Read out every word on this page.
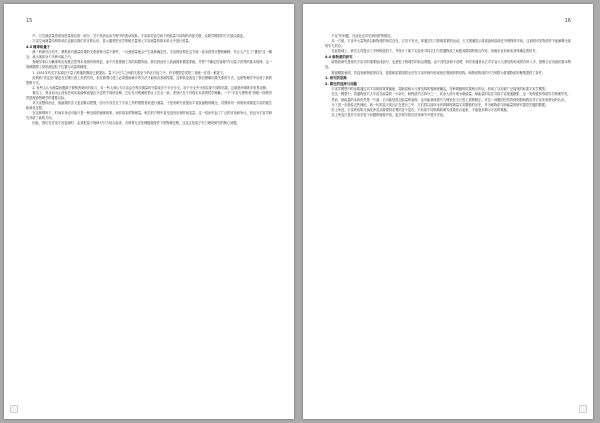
15

中，它们被质量密度场度量单位的一部分，关于热质运动方程中的波动现象。宇宙诺奖论空间下的能量与结构的内部关联，以数学模型的方式加以描述。

宇宙空间测量结构的单位也源自我们对光的认识，显示通常把光学的相关量纳入宇宙测量的基本单元中进行度量。

4.3 概率和量子

统一的研究历史中，观察者对测量结果的关系被称为量子事件，一旦被测量就会产生某种确定性。宇宙的结构在这方面一直未获得完整的解释，并让人产生了“叠加”这一概念，表示客体处于多种可能之中。

物理学家认为概率的出现是自然界本身固有的特征，而不只是观测工具的局限所致。我们因此引入波函数来描述系统，并把“不确定性原理”作为量子世界的基本规律，这一规律限制了同时测定粒子位置与动量的精度。

1. 1931年有关宇宙源自于量子涨落的假说已被提出，量子与引力之间的关系至今仍在讨论之中，许多模型尝试把二者统一在同一框架下。

经典的“决定论”描述在宏观尺度上仍然有效，但在微观尺度上必须借助统计的方法才能给出预测结果，这种转变改变了我们理解因果关系的方式，也使物理学中出现了新的思维方式。

2. 有些人认为测量问题源于观察者意识的参与，另一些人则认为宇宙会在每次测量时分裂成多个平行分支，各个分支中分别实现不同的结果，这就是所谓的多世界诠释。

事实上，到目前为止没有任何实验能够直接区分这些不同的诠释，它们在可观测的预言上完全一致，差别只在于对现实本质的哲学理解。一个“宇宙与观察者”的统一图景仍然是理论物理学的重要目标。

对宇宙整体而言，波函数的含义更加难以把握，因为不存在位于宇宙之外的观察者来进行测量。于是有研究者提出宇宙波函数的概念，试图用同一套规则来描述宇宙的诞生和演化过程。

在这种情形下，时间本身也可能只是一种近似的涌现现象，而非基本的物理量。相关的方程中甚至没有出现时间变量，这一结论引起了广泛的讨论和争议，但也为宇宙学研究开辟了新的方向。

因此，我们在讨论宇宙起源时，必须把量子规律与引力结合起来，否则将无法处理极端条件下的物理过程，这也正是量子引力理论研究的核心问题。

16

不足”的问题，在此处也可见到同样的情况。

另一方面，宇宙中大量物质以暗物质的形式存在，它们不发光，却通过引力影响星系的运动。天文观测显示星系旋转曲线在外围保持平坦，这说明可见物质并不能解释全部的引力效应。

在此基础上，研究人员提出了多种候选粒子，并设计了地下实验来寻找它们与普通物质之间极其微弱的相互作用，但截至目前尚未获得确定的信号。

4.4 暗物质的研究

暗物质研究是现代宇宙学的重要组成部分，也是粒子物理学的前沿课题。由于其性质尚不清楚，科学家通常从它对宇宙大尺度结构形成的作用入手，推断它应具备的基本特征。

数值模拟表明，若没有暗物质的存在，星系和星系团将无法在宇宙年龄内形成现在观测到的结构。暗物质构成的引力势阱为普通物质的聚集提供了条件。

1. 研究的思路
2. 路径的选择与问题

宇宙学模型中的参数通过对宇宙微波背景辐射、超新星和大尺度结构的观测来确定。各种观测的结果相互印证，形成了目前被广泛接受的标准宇宙学模型。

在这一模型中，普通物质只占宇宙总能量的一小部分，暗物质约占四分之一，其余大部分则为暗能量。暗能量的存在导致宇宙加速膨胀，这一发现曾获得诺贝尔物理学奖。

然而，暗能量的本质仍然是一个谜，它可能是真空能量的表现，也可能意味着引力理论在大尺度上需要修正。对这一问题的回答将深刻影响我们对宇宙未来命运的认识。

为了进一步检验这些理论，新一代的巡天项目正在进行之中，它们将以前所未有的精度测量宇宙膨胀的历史，并为暗物质与暗能量的研究提供关键的数据。

综上所述，宇宙的结构与演化涉及从微观到宏观的各个层次，只有将不同领域的研究成果综合起来，才能逐步揭示宇宙的奥秘。

以上所述只是对宇宙学若干问题的简要介绍，更多细节将在后续章节中展开讨论。
